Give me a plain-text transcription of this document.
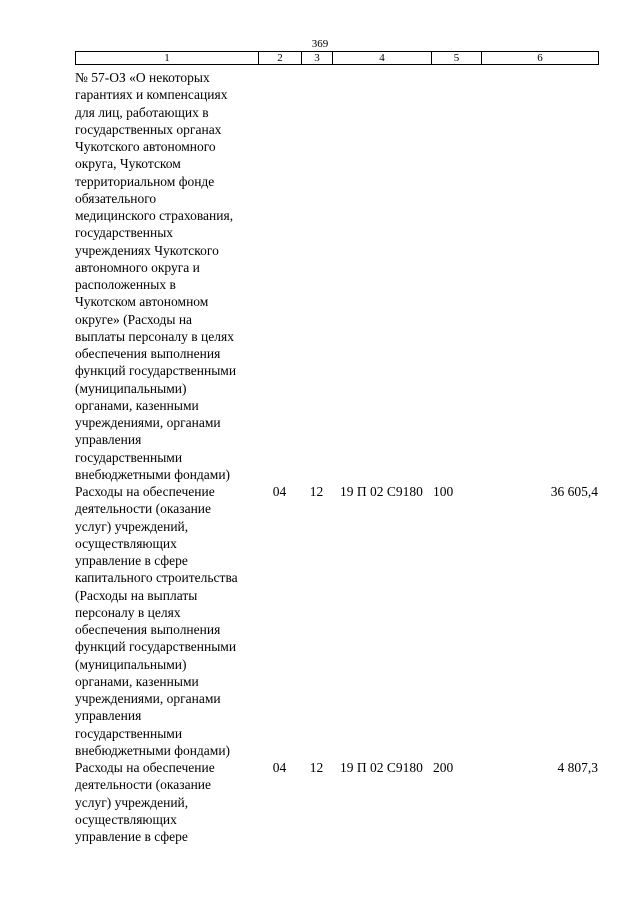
369
1	2	3	4	5	6
№ 57-ОЗ «О некоторых
гарантиях и компенсациях
для лиц, работающих в
государственных органах
Чукотского автономного
округа, Чукотском
территориальном фонде
обязательного
медицинского страхования,
государственных
учреждениях Чукотского
автономного округа и
расположенных в
Чукотском автономном
округе» (Расходы на
выплаты персоналу в целях
обеспечения выполнения
функций государственными
(муниципальными)
органами, казенными
учреждениями, органами
управления
государственными
внебюджетными фондами)
Расходы на обеспечение
деятельности (оказание
услуг) учреждений,
осуществляющих
управление в сфере
капитального строительства
(Расходы на выплаты
персоналу в целях
обеспечения выполнения
функций государственными
(муниципальными)
органами, казенными
учреждениями, органами
управления
государственными
внебюджетными фондами)
04	12	19 П 02 С9180 100	36 605,4
Расходы на обеспечение
деятельности (оказание
услуг) учреждений,
осуществляющих
управление в сфере
04	12	19 П 02 С9180 200	4 807,3
